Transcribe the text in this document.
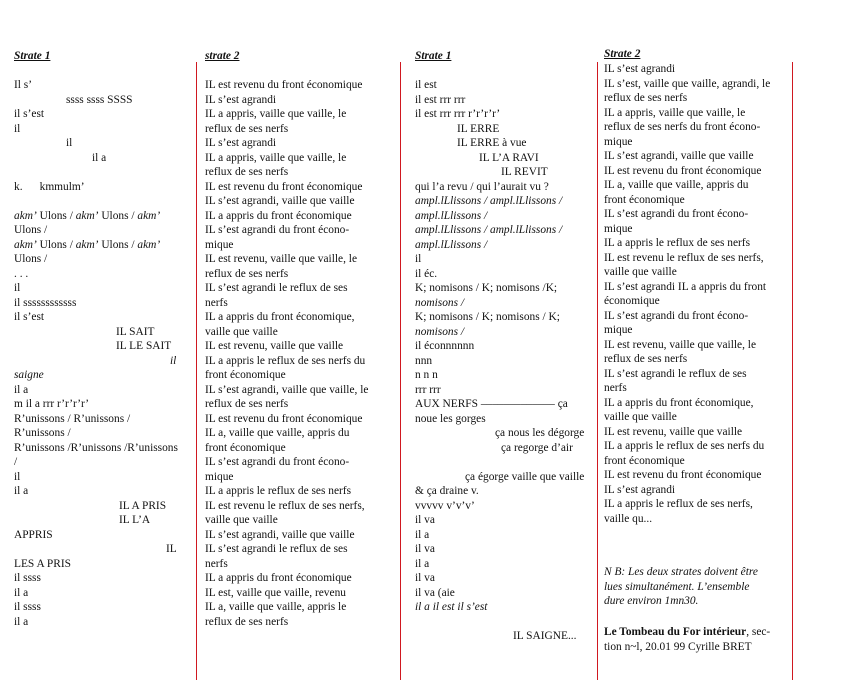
Strate 1
Il s’
ssss ssss SSSS
il s’est
il
il
il a
k.      kmmulm’
akm’ Ulons / akm’ Ulons / akm’
Ulons /
akm’ Ulons / akm’ Ulons / akm’
Ulons /
. . .
il
il ssssssssssss
il s’est
IL SAIT
IL LE SAIT
il
saigne
il a
m il a rrr r’r’r’r’
R’unissons / R’unissons /
R’unissons /
R’unissons /R’unissons /R’unissons
/
il
il a
IL A PRIS
IL L’A
APPRIS
IL
LES A PRIS
il ssss
il a
il ssss
il a
strate 2
IL est revenu du front économique
IL s’est agrandi
IL a appris, vaille que vaille, le
reflux de ses nerfs
IL s’est agrandi
IL a appris, vaille que vaille, le
reflux de ses nerfs
IL est revenu du front économique
IL s’est agrandi, vaille que vaille
IL a appris du front économique
IL s’est agrandi du front écono-
mique
IL est revenu, vaille que vaille, le
reflux de ses nerfs
IL s’est agrandi le reflux de ses
nerfs
IL a appris du front économique,
vaille que vaille
IL est revenu, vaille que vaille
IL a appris le reflux de ses nerfs du
front économique
IL s’est agrandi, vaille que vaille, le
reflux de ses nerfs
IL est revenu du front économique
IL a, vaille que vaille, appris du
front économique
IL s’est agrandi du front écono-
mique
IL a appris le reflux de ses nerfs
IL est revenu le reflux de ses nerfs,
vaille que vaille
IL s’est agrandi, vaille que vaille
IL s’est agrandi le reflux de ses
nerfs
IL a appris du front économique
IL est, vaille que vaille, revenu
IL a, vaille que vaille, appris le
reflux de ses nerfs
Strate 1
il est
il est rrr rrr
il est rrr rrr r’r’r’r’
IL ERRE
IL ERRE à vue
IL L’A RAVI
IL REVIT
qui l’a revu / qui l’aurait vu ?
ampl.lLlissons / ampl.lLlissons /
ampl.lLlissons /
ampl.lLlissons / ampl.lLlissons /
ampl.lLlissons /
il
il éc.
K; nomisons / K; nomisons /K;
nomisons /
K; nomisons / K; nomisons / K;
nomisons /
il éconnnnnn
nnn
n n n
rrr rrr
AUX NERFS ––––––––––––– ça
noue les gorges
ça nous les dégorge
ça regorge d’air
ça égorge vaille que vaille
& ça draine v.
vvvvv v’v’v’
il va
il a
il va
il a
il va
il va (aie
il a il est il s’est
IL SAIGNE...
Strate 2
IL s’est agrandi
IL s’est, vaille que vaille, agrandi, le
reflux de ses nerfs
IL a appris, vaille que vaille, le
reflux de ses nerfs du front écono-
mique
IL s’est agrandi, vaille que vaille
IL est revenu du front économique
IL a, vaille que vaille, appris du
front économique
IL s’est agrandi du front écono-
mique
IL a appris le reflux de ses nerfs
IL est revenu le reflux de ses nerfs,
vaille que vaille
IL s’est agrandi IL a appris du front
économique
IL s’est agrandi du front écono-
mique
IL est revenu, vaille que vaille, le
reflux de ses nerfs
IL s’est agrandi le reflux de ses
nerfs
IL a appris du front économique,
vaille que vaille
IL est revenu, vaille que vaille
IL a appris le reflux de ses nerfs du
front économique
IL est revenu du front économique
IL s’est agrandi
IL a appris le reflux de ses nerfs,
vaille qu...
N B: Les deux strates doivent être
lues simultanément. L’ensemble
dure environ 1mn30.
Le Tombeau du For intérieur, sec-
tion n~l, 20.01 99 Cyrille BRET
